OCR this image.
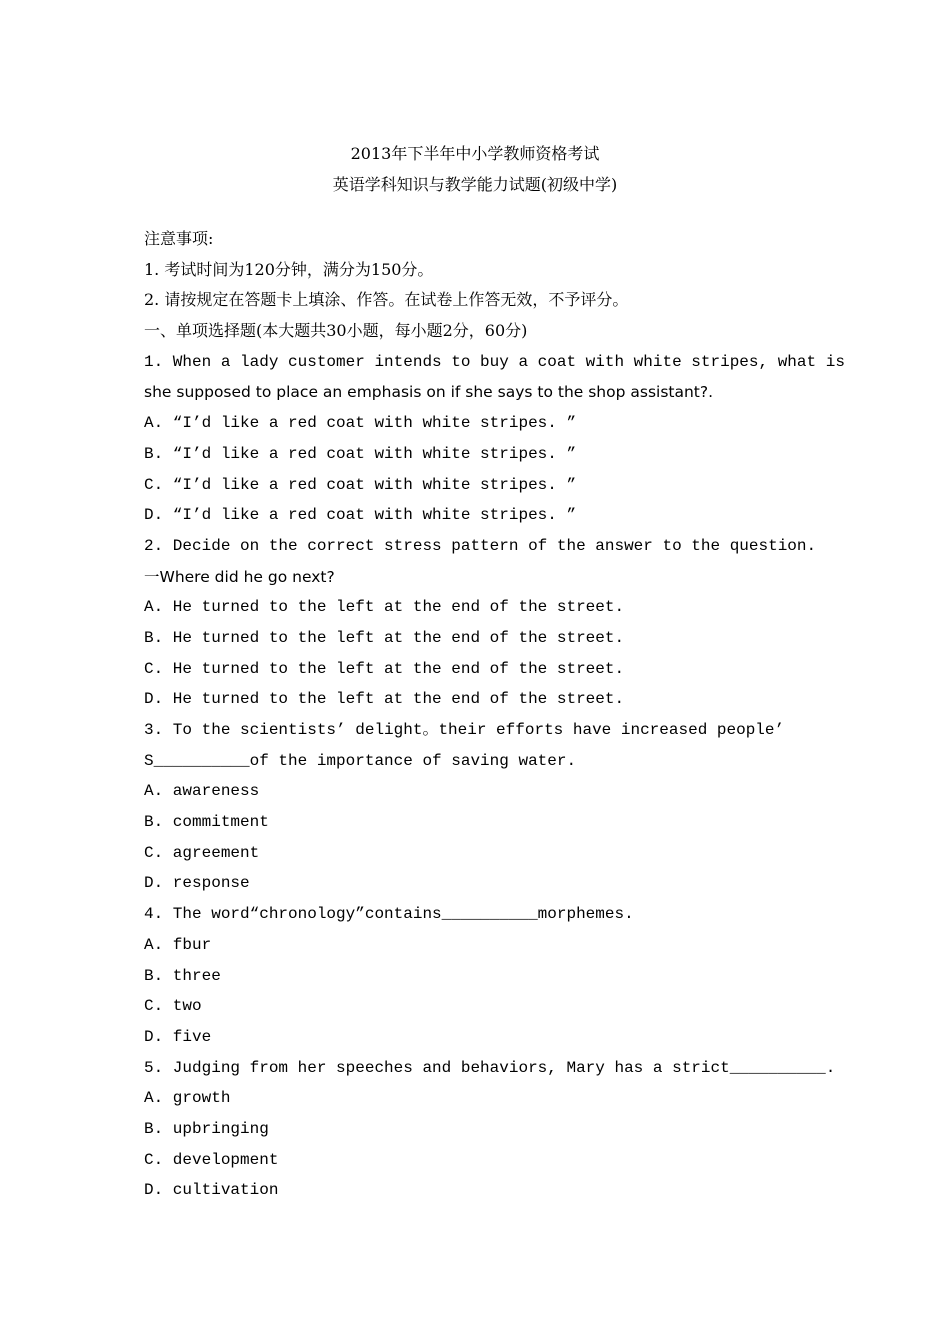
2013年下半年中小学教师资格考试
英语学科知识与教学能力试题(初级中学)
注意事项:
1. 考试时间为120分钟，满分为150分。
2. 请按规定在答题卡上填涂、作答。在试卷上作答无效，不予评分。
一、单项选择题(本大题共30小题，每小题2分，60分)
1. When a lady customer intends to buy a coat with white stripes, what is
she supposed to place an emphasis on if she says to the shop assistant?.
A. “I’d like a red coat with white stripes. ”
B. “I’d like a red coat with white stripes. ”
C. “I’d like a red coat with white stripes. ”
D. “I’d like a red coat with white stripes. ”
2. Decide on the correct stress pattern of the answer to the question.
一Where did he go next?
A. He turned to the left at the end of the street.
B. He turned to the left at the end of the street.
C. He turned to the left at the end of the street.
D. He turned to the left at the end of the street.
3. To the scientists’ delight。their efforts have increased people’
S__________of the importance of saving water.
A. awareness
B. commitment
C. agreement
D. response
4. The word“chronology”contains__________morphemes.
A. fbur
B. three
C. two
D. five
5. Judging from her speeches and behaviors, Mary has a strict__________.
A. growth
B. upbringing
C. development
D. cultivation
